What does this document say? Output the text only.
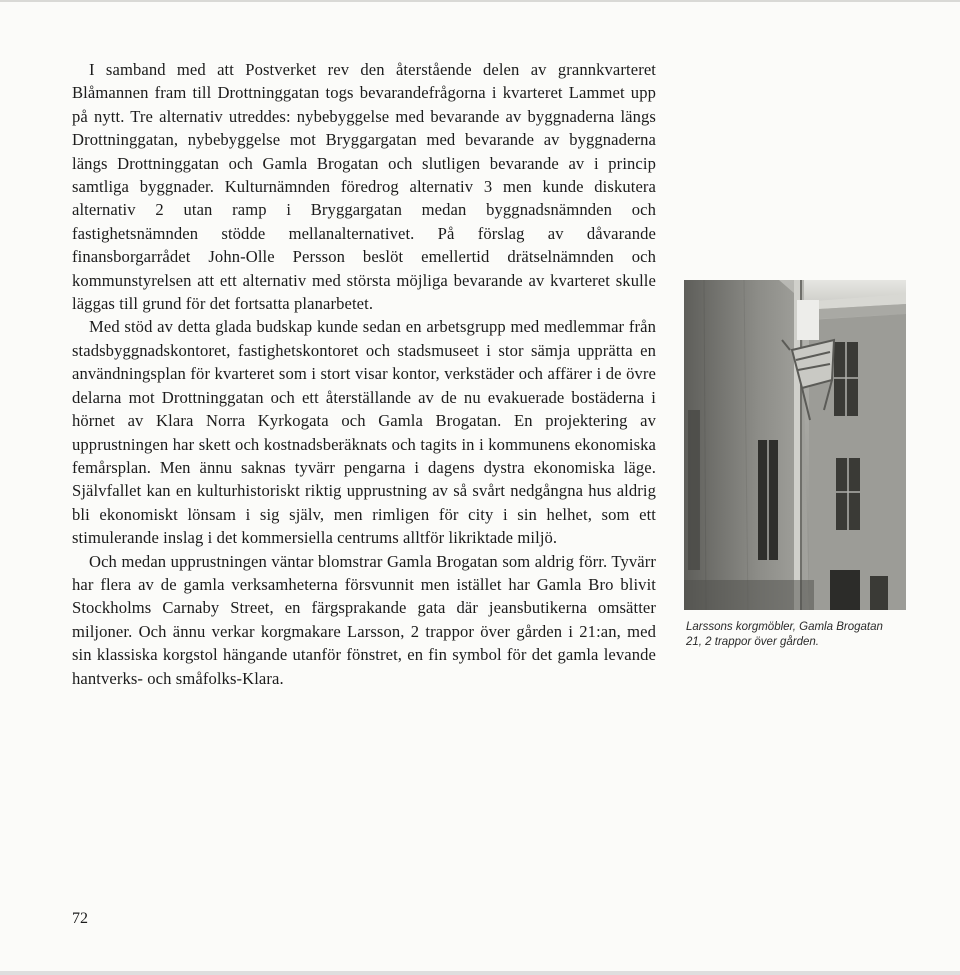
I samband med att Postverket rev den återstående delen av grannkvarteret Blåmannen fram till Drottninggatan togs bevarandefrågorna i kvarteret Lammet upp på nytt. Tre alternativ utreddes: nybebyggelse med bevarande av byggnaderna längs Drottninggatan, nybebyggelse mot Bryggargatan med bevarande av byggnaderna längs Drottninggatan och Gamla Brogatan och slutligen bevarande av i princip samtliga byggnader. Kulturnämnden föredrog alternativ 3 men kunde diskutera alternativ 2 utan ramp i Bryggargatan medan byggnadsnämnden och fastighetsnämnden stödde mellanalternativet. På förslag av dåvarande finansborgarrådet John-Olle Persson beslöt emellertid drätselnämnden och kommunstyrelsen att ett alternativ med största möjliga bevarande av kvarteret skulle läggas till grund för det fortsatta planarbetet.

Med stöd av detta glada budskap kunde sedan en arbetsgrupp med medlemmar från stadsbyggnadskontoret, fastighetskontoret och stadsmuseet i stor sämja upprätta en användningsplan för kvarteret som i stort visar kontor, verkstäder och affärer i de övre delarna mot Drottninggatan och ett återställande av de nu evakuerade bostäderna i hörnet av Klara Norra Kyrkogata och Gamla Brogatan. En projektering av upprustningen har skett och kostnadsberäknats och tagits in i kommunens ekonomiska femårsplan. Men ännu saknas tyvärr pengarna i dagens dystra ekonomiska läge. Självfallet kan en kulturhistoriskt riktig upprustning av så svårt nedgångna hus aldrig bli ekonomiskt lönsam i sig själv, men rimligen för city i sin helhet, som ett stimulerande inslag i det kommersiella centrums alltför likriktade miljö.

Och medan upprustningen väntar blomstrar Gamla Brogatan som aldrig förr. Tyvärr har flera av de gamla verksamheterna försvunnit men istället har Gamla Bro blivit Stockholms Carnaby Street, en färgsprakande gata där jeansbutikerna omsätter miljoner. Och ännu verkar korgmakare Larsson, 2 trappor över gården i 21:an, med sin klassiska korgstol hängande utanför fönstret, en fin symbol för det gamla levande hantverks- och småfolks-Klara.

Larssons korgmöbler, Gamla Brogatan
21, 2 trappor över gården.
72
